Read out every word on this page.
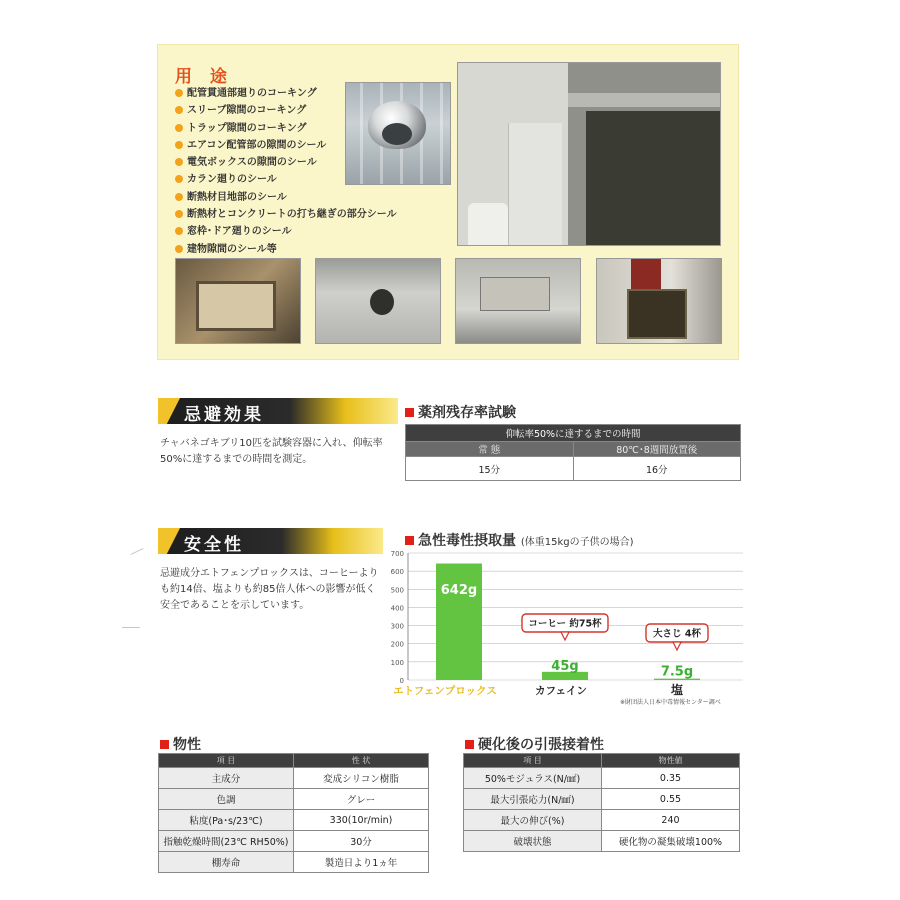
用 途
配管貫通部廻りのコーキング
スリーブ隙間のコーキング
トラップ隙間のコーキング
エアコン配管部の隙間のシール
電気ボックスの隙間のシール
カラン廻りのシール
断熱材目地部のシール
断熱材とコンクリートの打ち継ぎの部分シール
窓枠･ドア廻りのシール
建物隙間のシール等
忌避効果
チャバネゴキブリ10匹を試験容器に入れ、仰転率50%に達するまでの時間を測定。
薬剤残存率試験
仰転率50%に達するまでの時間	
常 態	80℃･8週間放置後
15分	16分
安全性
忌避成分エトフェンプロックスは、コーヒーよりも約14倍、塩よりも約85倍人体への影響が低く安全であることを示しています。
急性毒性摂取量 (体重15kgの子供の場合)
0
100
200
300
400
500
600
700
642g
45g	7.5g
コーヒー 約75杯
大さじ 4杯
エトフェンプロックス	カフェイン	塩
※財団法人日本中毒情報センター調べ
物性
項 目	性 状
主成分	変成シリコン樹脂
色調	グレー
粘度(Pa･s/23℃)	330(10r/min)
指触乾燥時間(23℃ RH50%)	30分
棚寿命	製造日より1ヵ年
硬化後の引張接着性
項 目	物性値
50%モジュラス(N/㎟)	0.35
最大引張応力(N/㎟)	0.55
最大の伸び(%)	240
破壊状態	硬化物の凝集破壊100%
